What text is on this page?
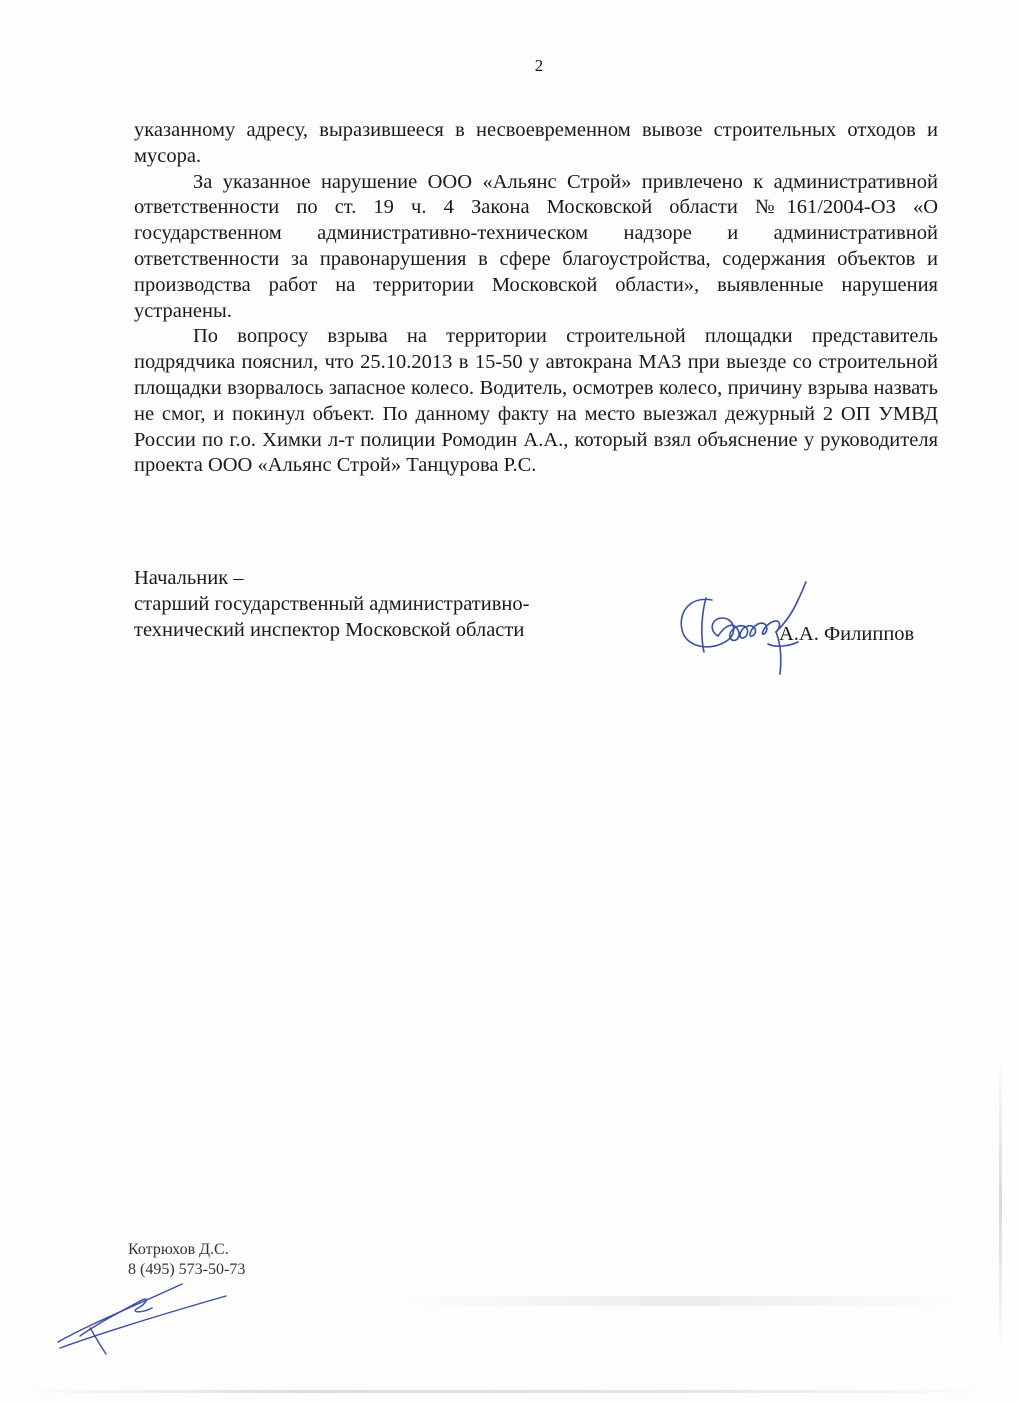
2

указанному адресу, выразившееся в несвоевременном вывозе строительных отходов и мусора.

За указанное нарушение ООО «Альянс Строй» привлечено к административной ответственности по ст. 19 ч. 4 Закона Московской области №161/2004-ОЗ «О государственном административно-техническом надзоре и административной ответственности за правонарушения в сфере благоустройства, содержания объектов и производства работ на территории Московской области», выявленные нарушения устранены.

По вопросу взрыва на территории строительной площадки представитель подрядчика пояснил, что 25.10.2013 в 15-50 у автокрана МАЗ при выезде со строительной площадки взорвалось запасное колесо. Водитель, осмотрев колесо, причину взрыва назвать не смог, и покинул объект. По данному факту на место выезжал дежурный 2 ОП УМВД России по г.о. Химки л-т полиции Ромодин А.А., который взял объяснение у руководителя проекта ООО «Альянс Строй» Танцурова Р.С.

Начальник –
старший государственный административно-
технический инспектор Московской области	А.А. Филиппов
Котрюхов Д.С.
8 (495) 573-50-73
